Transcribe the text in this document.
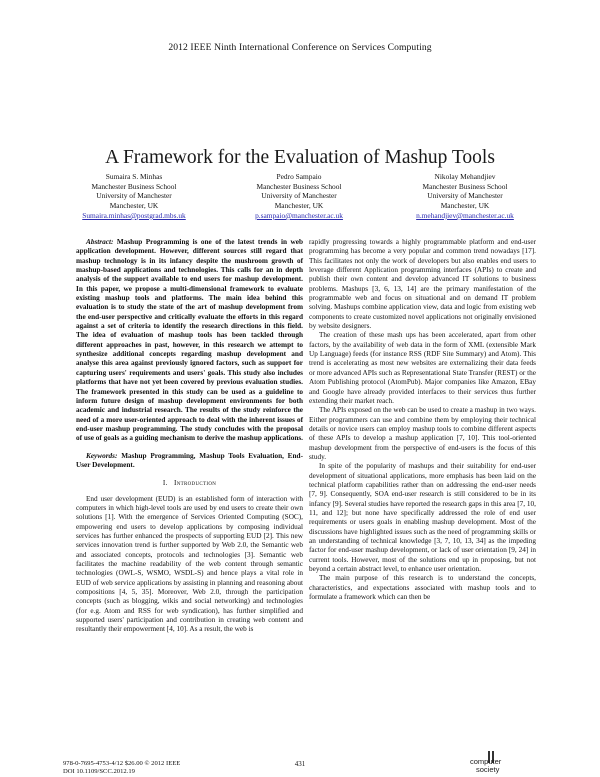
2012 IEEE Ninth International Conference on Services Computing
A Framework for the Evaluation of Mashup Tools
Sumaira S. Minhas
Manchester Business School
University of Manchester
Manchester, UK
Sumaira.minhas@postgrad.mbs.uk
Pedro Sampaio
Manchester Business School
University of Manchester
Manchester, UK
p.sampaio@manchester.ac.uk
Nikolay Mehandjiev
Manchester Business School
University of Manchester
Manchester, UK
n.mehandjiev@manchester.ac.uk

Abstract: Mashup Programming is one of the latest trends in web application development. However, different sources still regard that mashup technology is in its infancy despite the mushroom growth of mashup-based applications and technologies. This calls for an in depth analysis of the support available to end users for mashup development. In this paper, we propose a multi-dimensional framework to evaluate existing mashup tools and platforms. The main idea behind this evaluation is to study the state of the art of mashup development from the end-user perspective and critically evaluate the efforts in this regard against a set of criteria to identify the research directions in this field. The idea of evaluation of mashup tools has been tackled through different approaches in past, however, in this research we attempt to synthesize additional concepts regarding mashup development and analyse this area against previously ignored factors, such as support for capturing users' requirements and users' goals. This study also includes platforms that have not yet been covered by previous evaluation studies. The framework presented in this study can be used as a guideline to inform future design of mashup development environments for both academic and industrial research. The results of the study reinforce the need of a more user-oriented approach to deal with the inherent issues of end-user mashup programming. The study concludes with the proposal of use of goals as a guiding mechanism to derive the mashup applications.

Keywords: Mashup Programming, Mashup Tools Evaluation, End-User Development.

I. Introduction

End user development (EUD) is an established form of interaction with computers in which high-level tools are used by end users to create their own solutions [1]. With the emergence of Services Oriented Computing (SOC), empowering end users to develop applications by composing individual services has further enhanced the prospects of supporting EUD [2]. This new services innovation trend is further supported by Web 2.0, the Semantic web and associated concepts, protocols and technologies [3]. Semantic web facilitates the machine readability of the web content through semantic technologies (OWL-S, WSMO, WSDL-S) and hence plays a vital role in EUD of web service applications by assisting in planning and reasoning about compositions [4, 5, 35]. Moreover, Web 2.0, through the participation concepts (such as blogging, wikis and social networking) and technologies (for e.g. Atom and RSS for web syndication), has further simplified and supported users' participation and contribution in creating web content and resultantly their empowerment [4, 10]. As a result, the web is

rapidly progressing towards a highly programmable platform and end-user programming has become a very popular and common trend nowadays [17]. This facilitates not only the work of developers but also enables end users to leverage different Application programming interfaces (APIs) to create and publish their own content and develop advanced IT solutions to business problems. Mashups [3, 6, 13, 14] are the primary manifestation of the programmable web and focus on situational and on demand IT problem solving. Mashups combine application view, data and logic from existing web components to create customized novel applications not originally envisioned by website designers.

The creation of these mash ups has been accelerated, apart from other factors, by the availability of web data in the form of XML (extensible Mark Up Language) feeds (for instance RSS (RDF Site Summary) and Atom). This trend is accelerating as most new websites are externalizing their data feeds or more advanced APIs such as Representational State Transfer (REST) or the Atom Publishing protocol (AtomPub). Major companies like Amazon, EBay and Google have already provided interfaces to their services thus further extending their market reach.

The APIs exposed on the web can be used to create a mashup in two ways. Either programmers can use and combine them by employing their technical details or novice users can employ mashup tools to combine different aspects of these APIs to develop a mashup application [7, 10]. This tool-oriented mashup development from the perspective of end-users is the focus of this study.

In spite of the popularity of mashups and their suitability for end-user development of situational applications, more emphasis has been laid on the technical platform capabilities rather than on addressing the end-user needs [7, 9]. Consequently, SOA end-user research is still considered to be in its infancy [9]. Several studies have reported the research gaps in this area [7, 10, 11, and 12]; but none have specifically addressed the role of end user requirements or users goals in enabling mashup development. Most of the discussions have highlighted issues such as the need of programming skills or an understanding of technical knowledge [3, 7, 10, 13, 34] as the impeding factor for end-user mashup development, or lack of user orientation [9, 24] in current tools. However, most of the solutions end up in proposing, but not beyond a certain abstract level, to enhance user orientation.

The main purpose of this research is to understand the concepts, characteristics, and expectations associated with mashup tools and to formulate a framework which can then be

978-0-7695-4753-4/12 $26.00 © 2012 IEEE
DOI 10.1109/SCC.2012.19
431	computer
society
